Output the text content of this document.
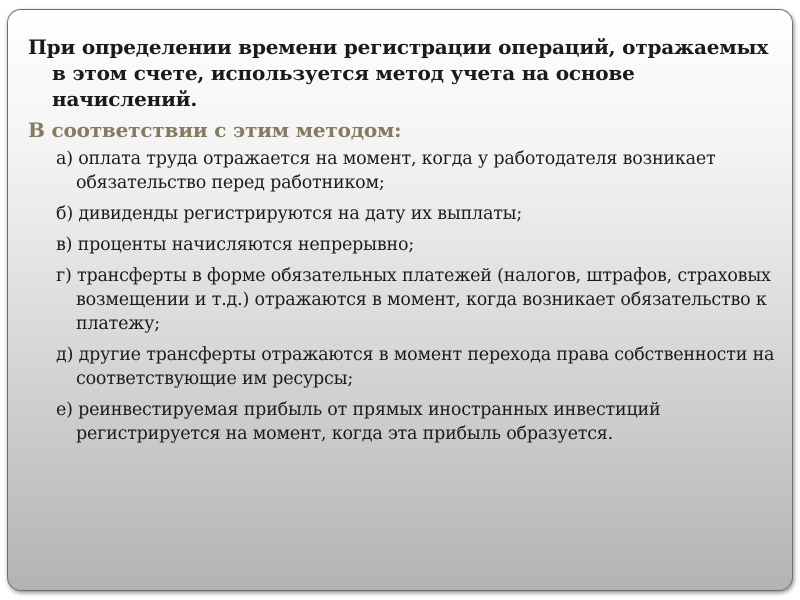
При определении времени регистрации операций, отражаемых в этом счете, используется метод учета на основе начислений.

В соответствии с этим методом:

а) оплата труда отражается на момент, когда у работодателя возникает обязательство перед работником;
б) дивиденды регистрируются на дату их выплаты;
в) проценты начисляются непрерывно;
г) трансферты в форме обязательных платежей (налогов, штрафов, страховых возмещении и т.д.) отражаются в момент, когда возникает обязательство к платежу;
д) другие трансферты отражаются в момент перехода права собственности на соответствующие им ресурсы;
е) реинвестируемая прибыль от прямых иностранных инвестиций регистрируется на момент, когда эта прибыль образуется.
